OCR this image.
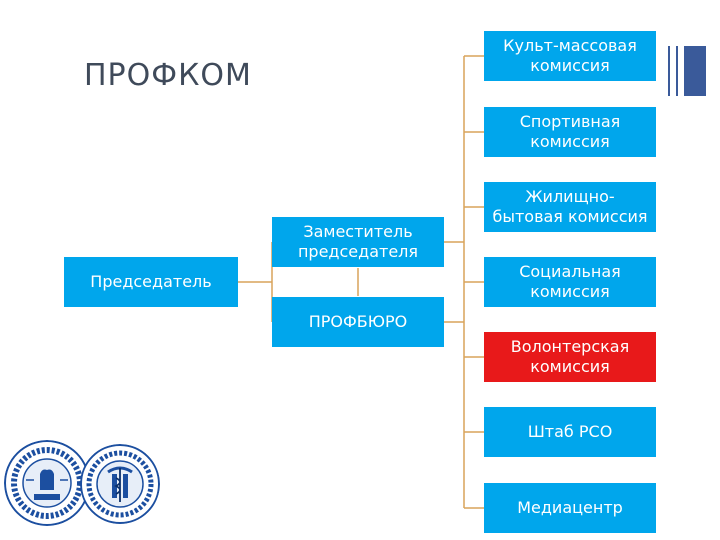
ПРОФКОМ
Председатель
Заместитель
председателя
ПРОФБЮРО
Культ-массовая
комиссия
Спортивная
комиссия
Жилищно-
бытовая комиссия
Социальная
комиссия
Волонтерская
комиссия
Штаб РСО
Медиацентр
